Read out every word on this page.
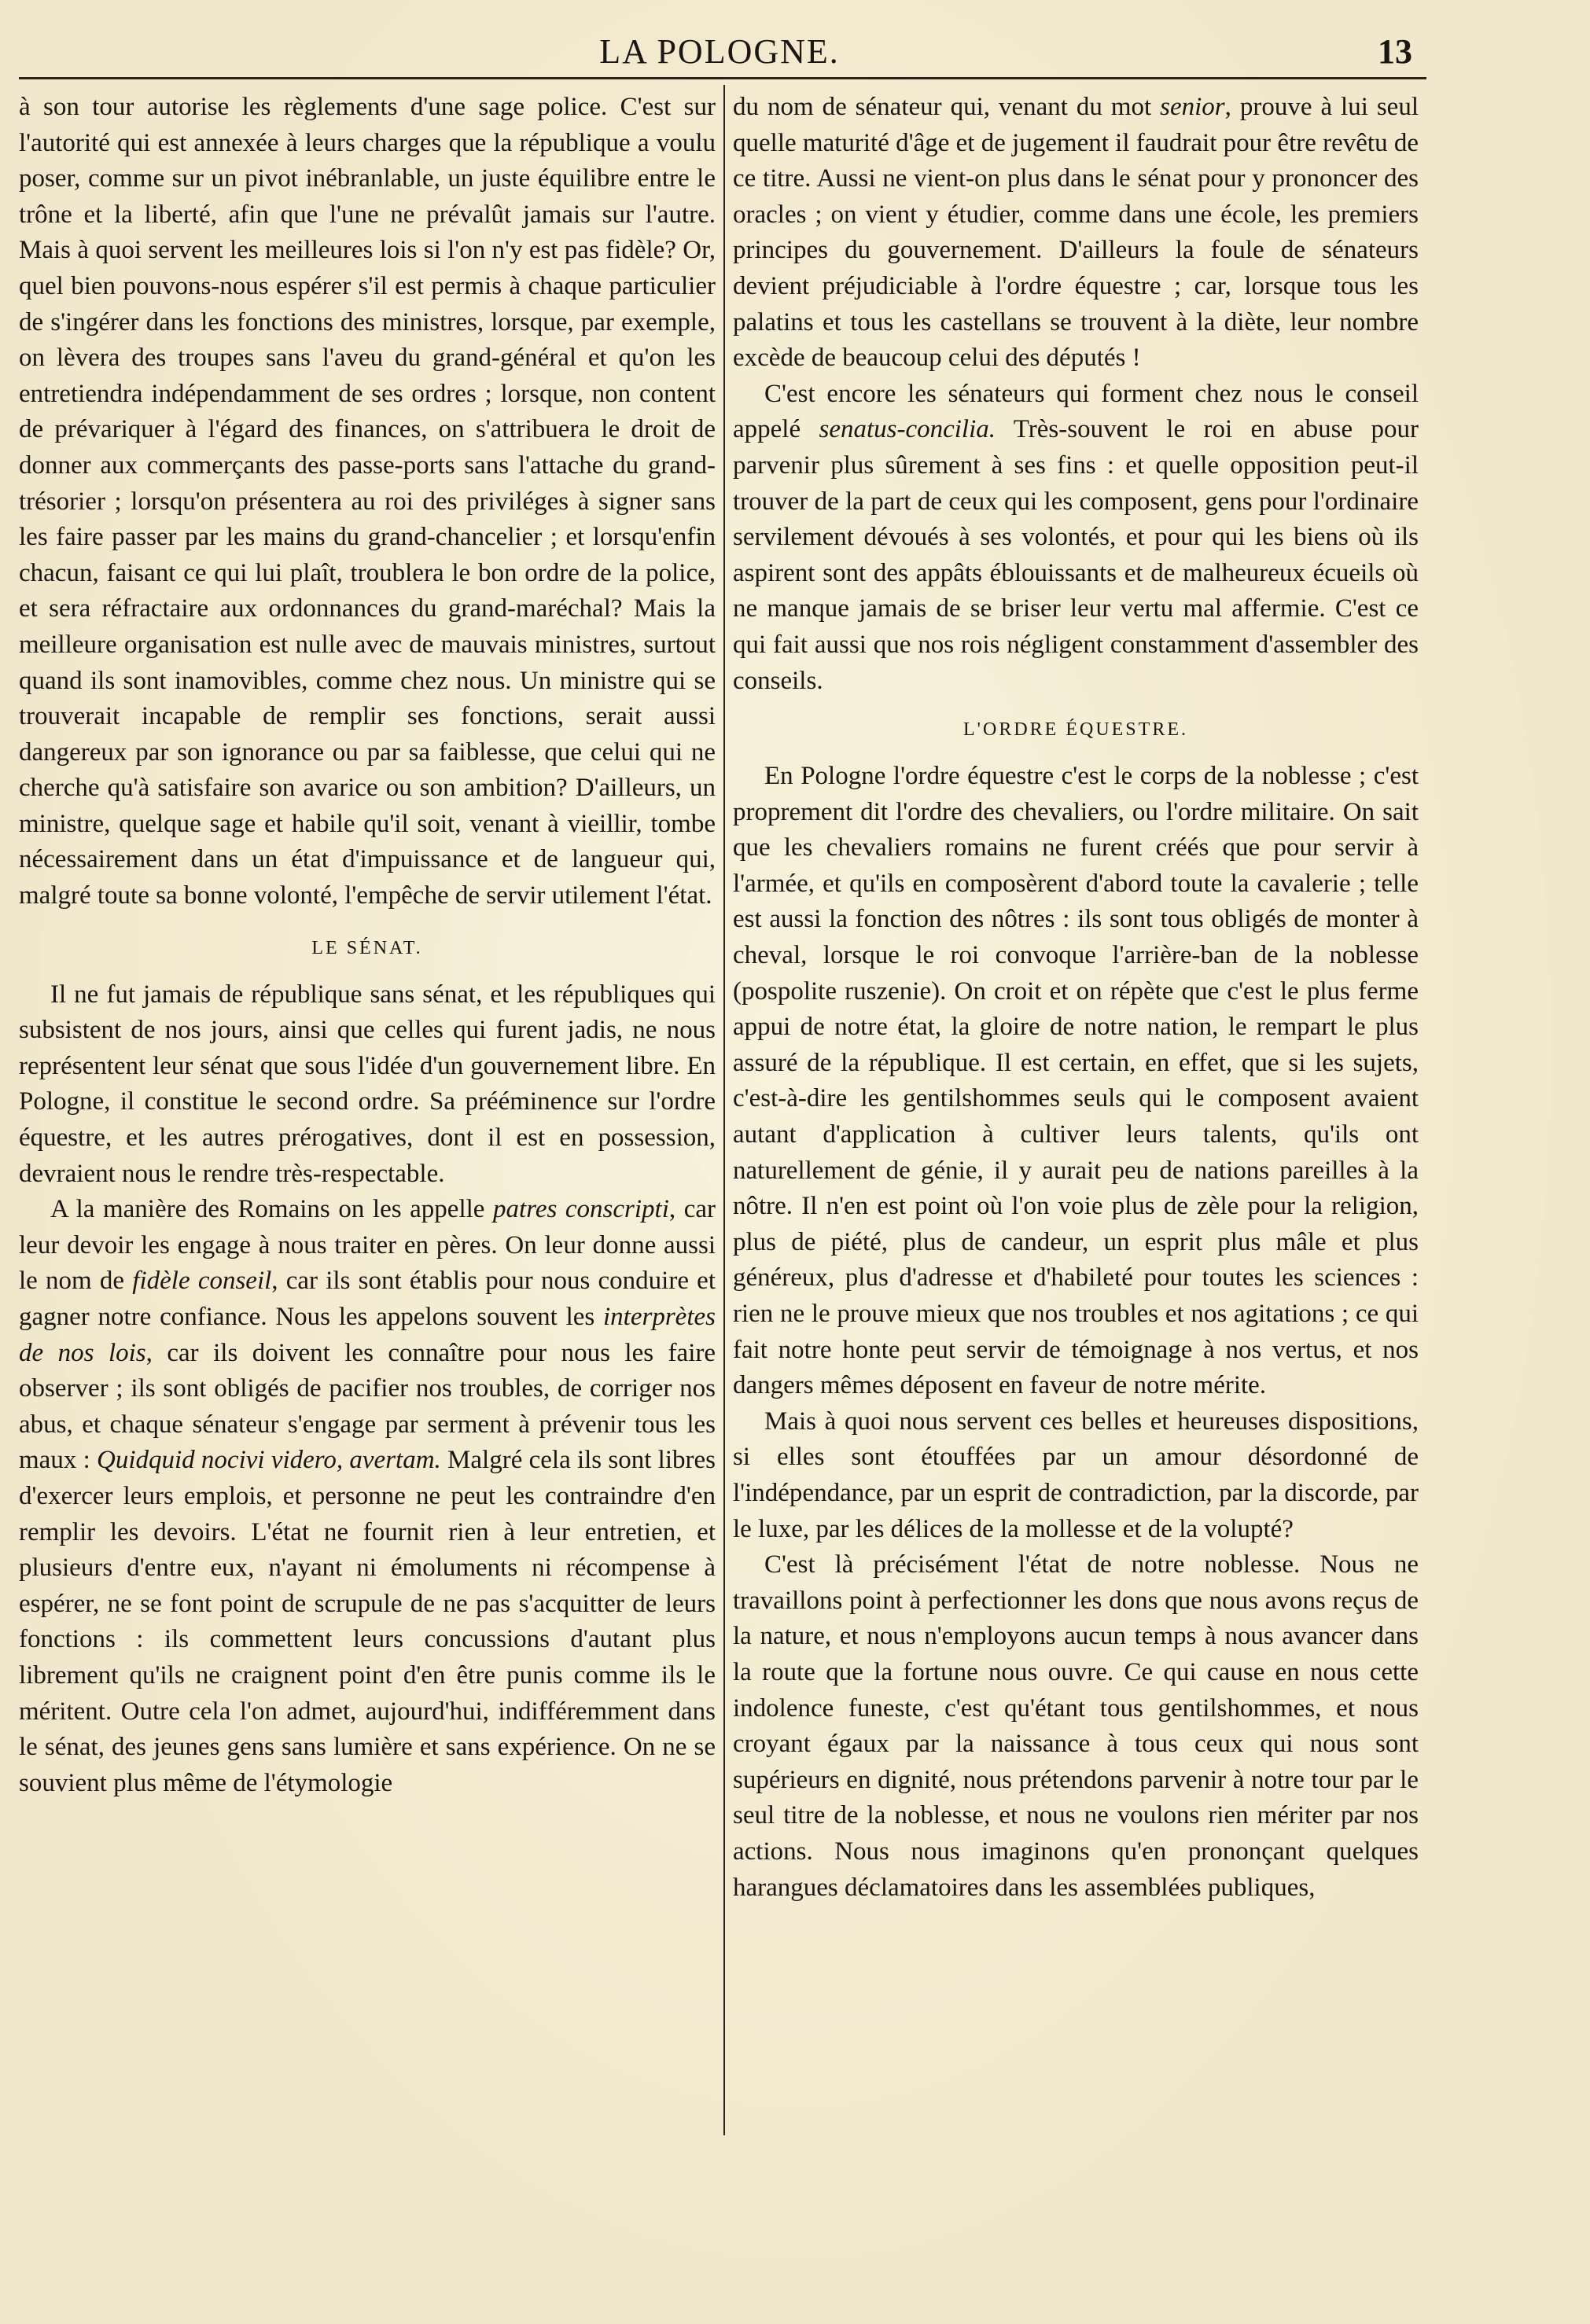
LA POLOGNE.	13

à son tour autorise les règlements d'une sage police. C'est sur l'autorité qui est annexée à leurs charges que la république a voulu poser, comme sur un pivot inébranlable, un juste équilibre entre le trône et la liberté, afin que l'une ne prévalût jamais sur l'autre. Mais à quoi servent les meilleures lois si l'on n'y est pas fidèle? Or, quel bien pouvons-nous espérer s'il est permis à chaque particulier de s'ingérer dans les fonctions des ministres, lorsque, par exemple, on lèvera des troupes sans l'aveu du grand-général et qu'on les entretiendra indépendamment de ses ordres ; lorsque, non content de prévariquer à l'égard des finances, on s'attribuera le droit de donner aux commerçants des passe-ports sans l'attache du grand-trésorier ; lorsqu'on présentera au roi des priviléges à signer sans les faire passer par les mains du grand-chancelier ; et lorsqu'enfin chacun, faisant ce qui lui plaît, troublera le bon ordre de la police, et sera réfractaire aux ordonnances du grand-maréchal? Mais la meilleure organisation est nulle avec de mauvais ministres, surtout quand ils sont inamovibles, comme chez nous. Un ministre qui se trouverait incapable de remplir ses fonctions, serait aussi dangereux par son ignorance ou par sa faiblesse, que celui qui ne cherche qu'à satisfaire son avarice ou son ambition? D'ailleurs, un ministre, quelque sage et habile qu'il soit, venant à vieillir, tombe nécessairement dans un état d'impuissance et de langueur qui, malgré toute sa bonne volonté, l'empêche de servir utilement l'état.

LE SÉNAT.

Il ne fut jamais de république sans sénat, et les républiques qui subsistent de nos jours, ainsi que celles qui furent jadis, ne nous représentent leur sénat que sous l'idée d'un gouvernement libre. En Pologne, il constitue le second ordre. Sa prééminence sur l'ordre équestre, et les autres prérogatives, dont il est en possession, devraient nous le rendre très-respectable.

A la manière des Romains on les appelle patres conscripti, car leur devoir les engage à nous traiter en pères. On leur donne aussi le nom de fidèle conseil, car ils sont établis pour nous conduire et gagner notre confiance. Nous les appelons souvent les interprètes de nos lois, car ils doivent les connaître pour nous les faire observer ; ils sont obligés de pacifier nos troubles, de corriger nos abus, et chaque sénateur s'engage par serment à prévenir tous les maux : Quidquid nocivi videro, avertam. Malgré cela ils sont libres d'exercer leurs emplois, et personne ne peut les contraindre d'en remplir les devoirs. L'état ne fournit rien à leur entretien, et plusieurs d'entre eux, n'ayant ni émoluments ni récompense à espérer, ne se font point de scrupule de ne pas s'acquitter de leurs fonctions : ils commettent leurs concussions d'autant plus librement qu'ils ne craignent point d'en être punis comme ils le méritent. Outre cela l'on admet, aujourd'hui, indifféremment dans le sénat, des jeunes gens sans lumière et sans expérience. On ne se souvient plus même de l'étymologie

du nom de sénateur qui, venant du mot senior, prouve à lui seul quelle maturité d'âge et de jugement il faudrait pour être revêtu de ce titre. Aussi ne vient-on plus dans le sénat pour y prononcer des oracles ; on vient y étudier, comme dans une école, les premiers principes du gouvernement. D'ailleurs la foule de sénateurs devient préjudiciable à l'ordre équestre ; car, lorsque tous les palatins et tous les castellans se trouvent à la diète, leur nombre excède de beaucoup celui des députés !

C'est encore les sénateurs qui forment chez nous le conseil appelé senatus-concilia. Très-souvent le roi en abuse pour parvenir plus sûrement à ses fins : et quelle opposition peut-il trouver de la part de ceux qui les composent, gens pour l'ordinaire servilement dévoués à ses volontés, et pour qui les biens où ils aspirent sont des appâts éblouissants et de malheureux écueils où ne manque jamais de se briser leur vertu mal affermie. C'est ce qui fait aussi que nos rois négligent constamment d'assembler des conseils.

L'ORDRE ÉQUESTRE.

En Pologne l'ordre équestre c'est le corps de la noblesse ; c'est proprement dit l'ordre des chevaliers, ou l'ordre militaire. On sait que les chevaliers romains ne furent créés que pour servir à l'armée, et qu'ils en composèrent d'abord toute la cavalerie ; telle est aussi la fonction des nôtres : ils sont tous obligés de monter à cheval, lorsque le roi convoque l'arrière-ban de la noblesse (pospolite ruszenie). On croit et on répète que c'est le plus ferme appui de notre état, la gloire de notre nation, le rempart le plus assuré de la république. Il est certain, en effet, que si les sujets, c'est-à-dire les gentilshommes seuls qui le composent avaient autant d'application à cultiver leurs talents, qu'ils ont naturellement de génie, il y aurait peu de nations pareilles à la nôtre. Il n'en est point où l'on voie plus de zèle pour la religion, plus de piété, plus de candeur, un esprit plus mâle et plus généreux, plus d'adresse et d'habileté pour toutes les sciences : rien ne le prouve mieux que nos troubles et nos agitations ; ce qui fait notre honte peut servir de témoignage à nos vertus, et nos dangers mêmes déposent en faveur de notre mérite.

Mais à quoi nous servent ces belles et heureuses dispositions, si elles sont étouffées par un amour désordonné de l'indépendance, par un esprit de contradiction, par la discorde, par le luxe, par les délices de la mollesse et de la volupté?

C'est là précisément l'état de notre noblesse. Nous ne travaillons point à perfectionner les dons que nous avons reçus de la nature, et nous n'employons aucun temps à nous avancer dans la route que la fortune nous ouvre. Ce qui cause en nous cette indolence funeste, c'est qu'étant tous gentilshommes, et nous croyant égaux par la naissance à tous ceux qui nous sont supérieurs en dignité, nous prétendons parvenir à notre tour par le seul titre de la noblesse, et nous ne voulons rien mériter par nos actions. Nous nous imaginons qu'en prononçant quelques harangues déclamatoires dans les assemblées publiques,
